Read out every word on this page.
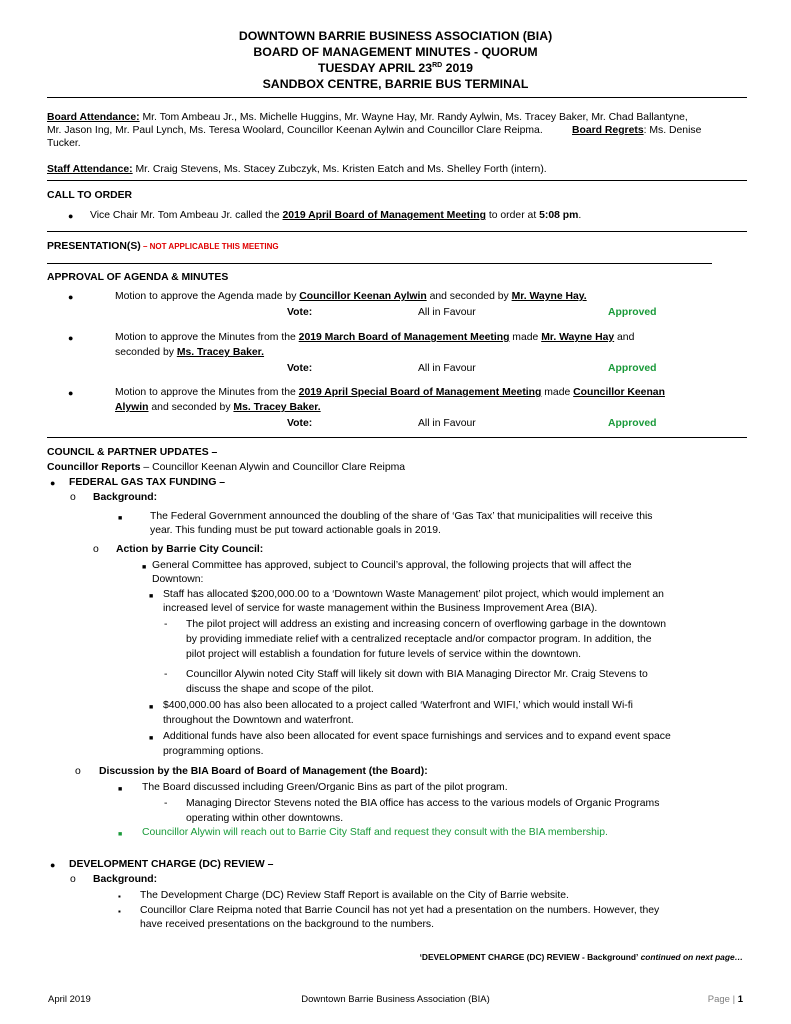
DOWNTOWN BARRIE BUSINESS ASSOCIATION (BIA)
BOARD OF MANAGEMENT MINUTES - QUORUM
TUESDAY APRIL 23RD 2019
SANDBOX CENTRE, BARRIE BUS TERMINAL
Board Attendance: Mr. Tom Ambeau Jr., Ms. Michelle Huggins, Mr. Wayne Hay, Mr. Randy Aylwin, Ms. Tracey Baker, Mr. Chad Ballantyne,
Mr. Jason Ing, Mr. Paul Lynch, Ms. Teresa Woolard, Councillor Keenan Aylwin and Councillor Clare Reipma.	Board Regrets: Ms. Denise
Tucker.
Staff Attendance: Mr. Craig Stevens, Ms. Stacey Zubczyk, Ms. Kristen Eatch and Ms. Shelley Forth (intern).
CALL TO ORDER
● Vice Chair Mr. Tom Ambeau Jr. called the 2019 April Board of Management Meeting to order at 5:08 pm.
PRESENTATION(S) – NOT APPLICABLE THIS MEETING
APPROVAL OF AGENDA & MINUTES
●	Motion to approve the Agenda made by Councillor Keenan Aylwin and seconded by Mr. Wayne Hay.
Vote:	All in Favour	Approved
●	Motion to approve the Minutes from the 2019 March Board of Management Meeting made Mr. Wayne Hay and
seconded by Ms. Tracey Baker.
Vote:	All in Favour	Approved
●	Motion to approve the Minutes from the 2019 April Special Board of Management Meeting made Councillor Keenan
Alywin and seconded by Ms. Tracey Baker.
Vote:	All in Favour	Approved
COUNCIL & PARTNER UPDATES –
Councillor Reports – Councillor Keenan Alywin and Councillor Clare Reipma
● FEDERAL GAS TAX FUNDING –
o Background:
■	The Federal Government announced the doubling of the share of ‘Gas Tax’ that municipalities will receive this
year. This funding must be put toward actionable goals in 2019.
o Action by Barrie City Council:
■ General Committee has approved, subject to Council’s approval, the following projects that will affect the
Downtown:
■ Staff has allocated $200,000.00 to a ‘Downtown Waste Management’ pilot project, which would implement an
increased level of service for waste management within the Business Improvement Area (BIA).
- The pilot project will address an existing and increasing concern of overflowing garbage in the downtown
by providing immediate relief with a centralized receptacle and/or compactor program. In addition, the
pilot project will establish a foundation for future levels of service within the downtown.
- Councillor Alywin noted City Staff will likely sit down with BIA Managing Director Mr. Craig Stevens to
discuss the shape and scope of the pilot.
■ $400,000.00 has also been allocated to a project called ‘Waterfront and WIFI,’ which would install Wi-fi
throughout the Downtown and waterfront.
■ Additional funds have also been allocated for event space furnishings and services and to expand event space
programming options.
o Discussion by the BIA Board of Board of Management (the Board):
■ The Board discussed including Green/Organic Bins as part of the pilot program.
- Managing Director Stevens noted the BIA office has access to the various models of Organic Programs
operating within other downtowns.
■ Councillor Alywin will reach out to Barrie City Staff and request they consult with the BIA membership.
● DEVELOPMENT CHARGE (DC) REVIEW –
o Background:
▪ The Development Charge (DC) Review Staff Report is available on the City of Barrie website.
▪ Councillor Clare Reipma noted that Barrie Council has not yet had a presentation on the numbers. However, they
have received presentations on the background to the numbers.
‘DEVELOPMENT CHARGE (DC) REVIEW - Background’ continued on next page…
April 2019	Downtown Barrie Business Association (BIA)	Page | 1
